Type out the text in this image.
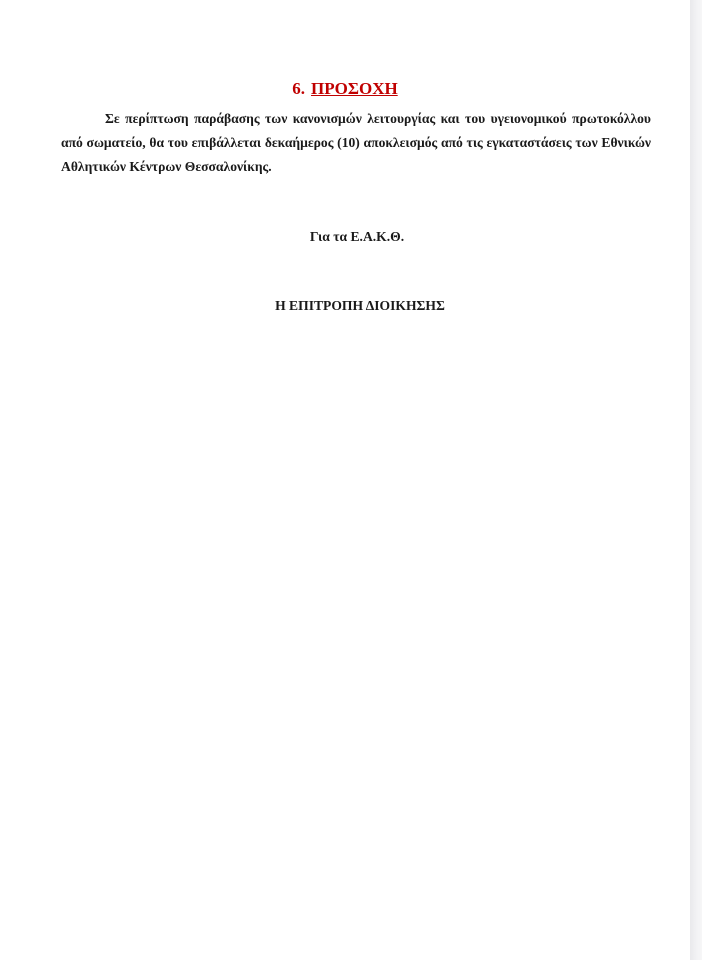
6. ΠΡΟΣΟΧΗ

Σε περίπτωση παράβασης των κανονισμών λειτουργίας και του υγειονομικού πρωτοκόλλου από σωματείο, θα του επιβάλλεται δεκαήμερος (10) αποκλεισμός από τις εγκαταστάσεις των Εθνικών Αθλητικών Κέντρων Θεσσαλονίκης.

Για τα Ε.Α.Κ.Θ.
Η ΕΠΙΤΡΟΠΗ ΔΙΟΙΚΗΣΗΣ
